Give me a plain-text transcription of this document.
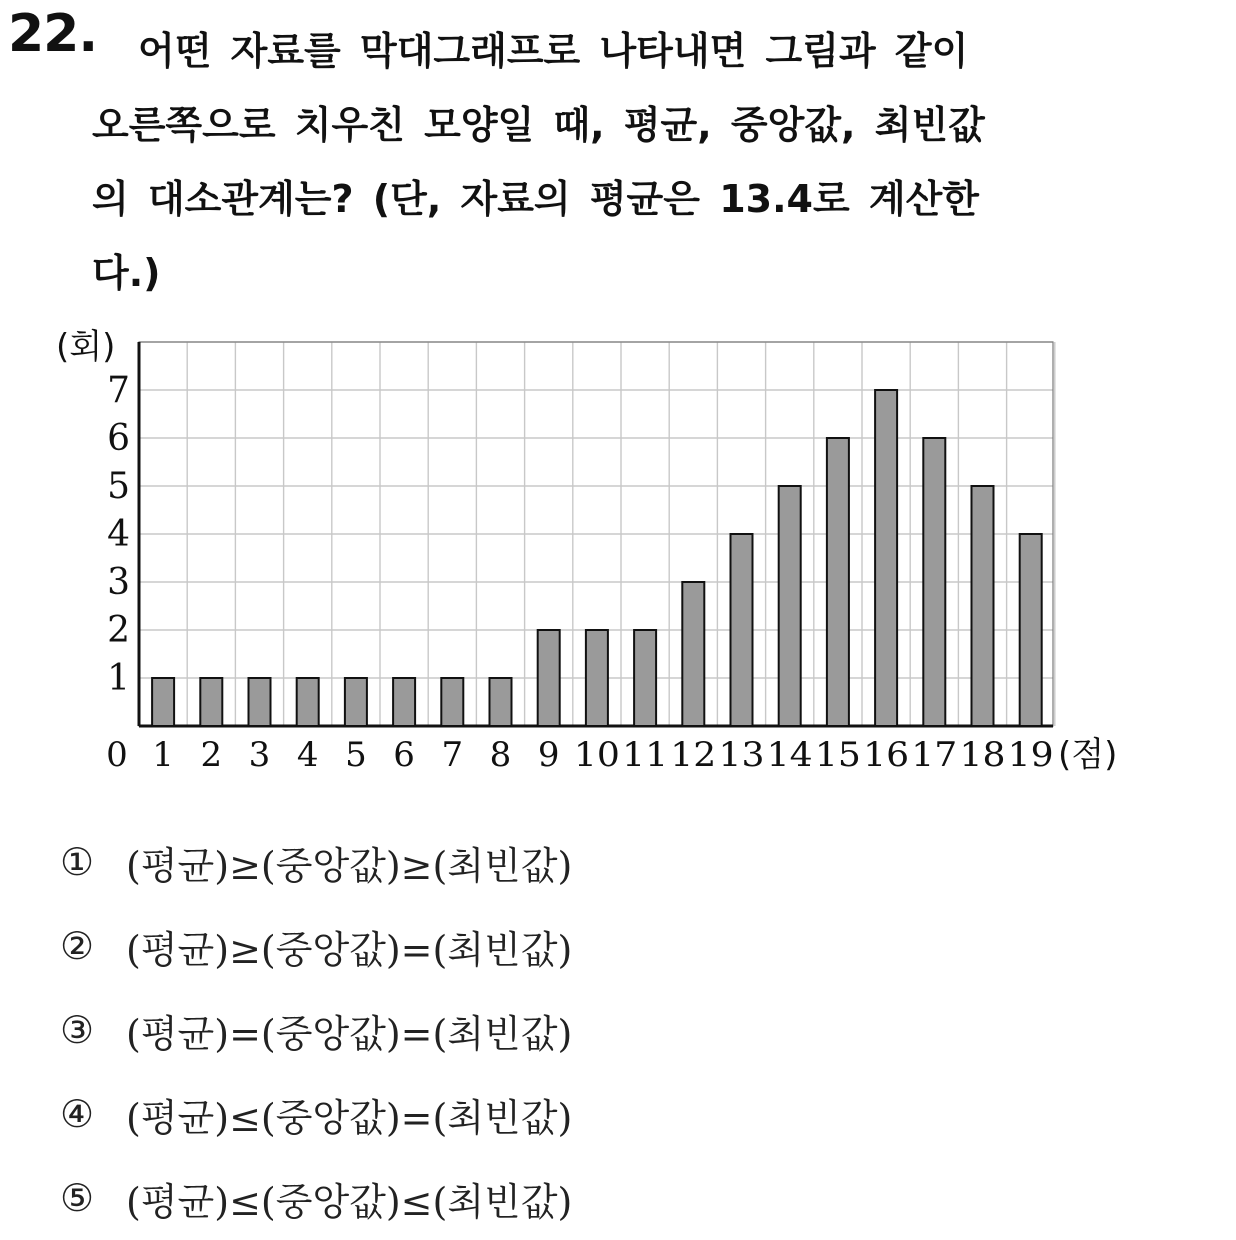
22.	어떤 자료를 막대그래프로 나타내면 그림과 같이
오른쪽으로 치우친 모양일 때, 평균, 중앙값, 최빈값
의 대소관계는? (단, 자료의 평균은 13.4로 계산한
다.)
1
2
3
4
5
6
7
0 1 2 3 4 5 6 7 8 9 10 11 12 13 14 15 16 17 18 19
(회)
(점)
① (평균)≥(중앙값)≥(최빈값)
② (평균)≥(중앙값)=(최빈값)
③ (평균)=(중앙값)=(최빈값)
④ (평균)≤(중앙값)=(최빈값)
⑤ (평균)≤(중앙값)≤(최빈값)
